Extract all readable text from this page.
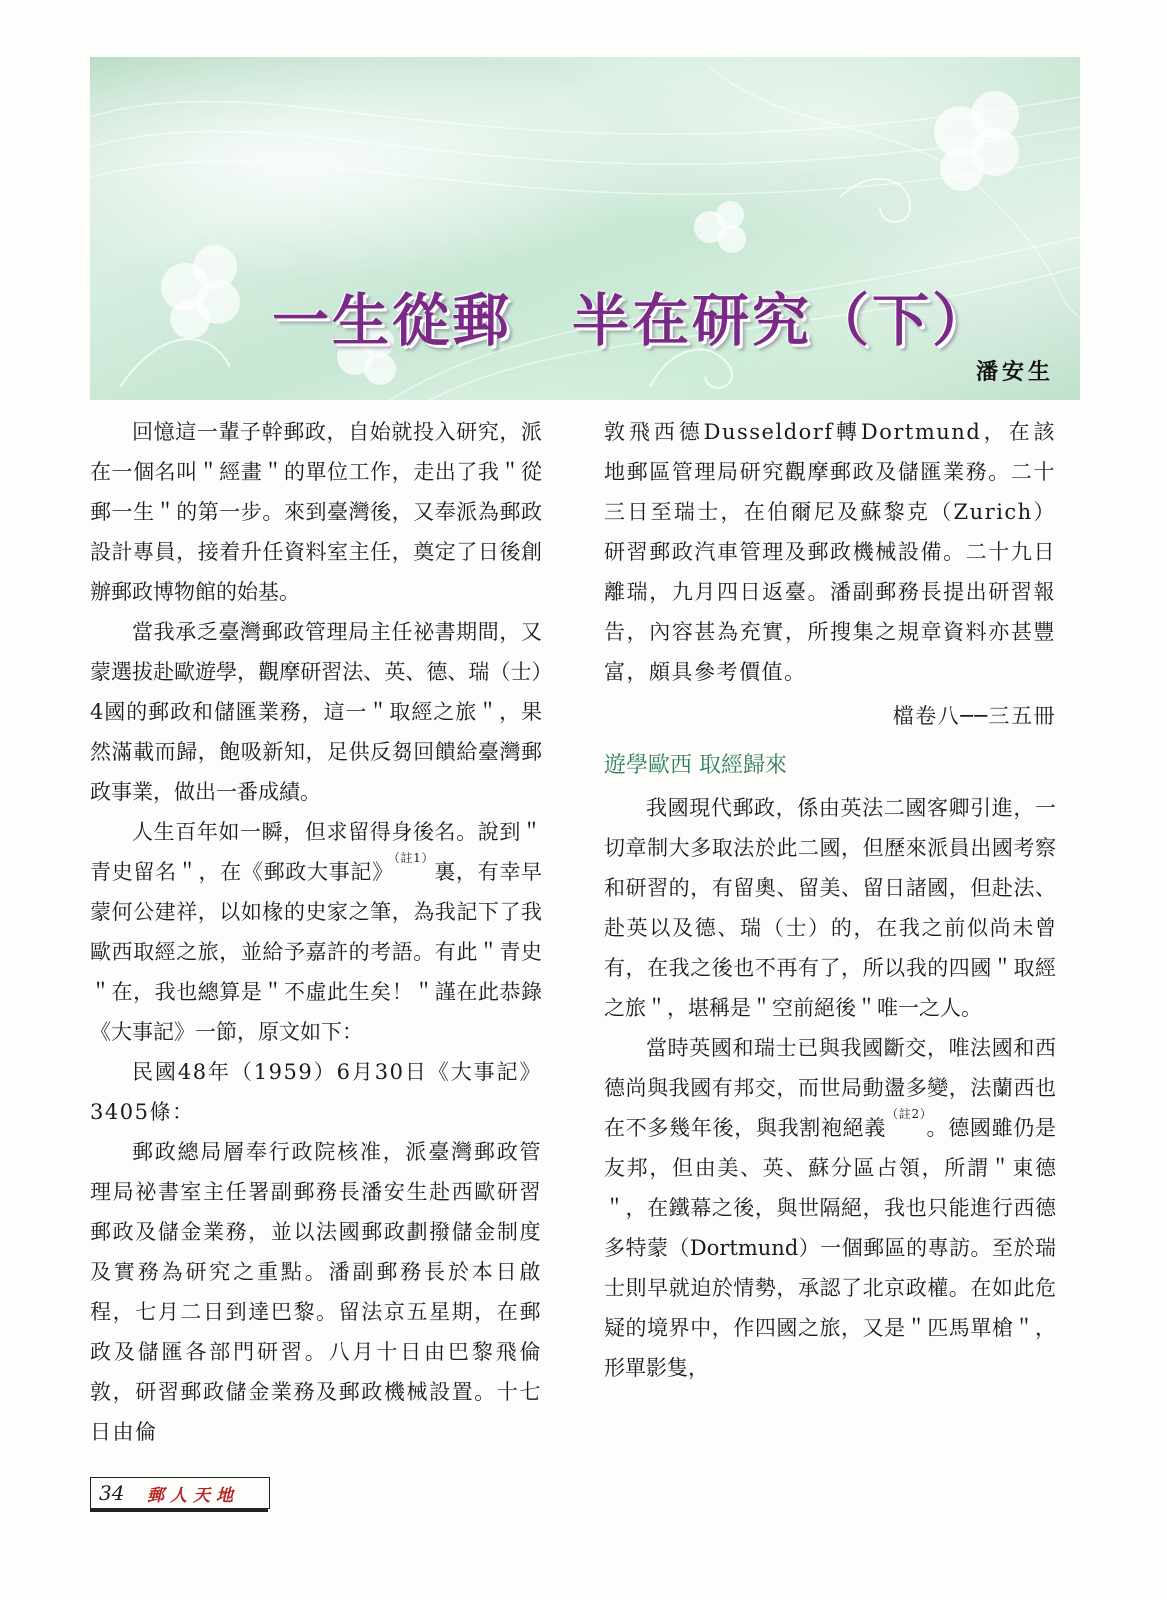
一生從郵　半在研究（下）
潘安生

回憶這一輩子幹郵政，自始就投入研究，派在一個名叫＂經畫＂的單位工作，走出了我＂從郵一生＂的第一步。來到臺灣後，又奉派為郵政設計專員，接着升任資料室主任，奠定了日後創辦郵政博物館的始基。

當我承乏臺灣郵政管理局主任祕書期間，又蒙選拔赴歐遊學，觀摩研習法、英、德、瑞（士）4國的郵政和儲匯業務，這一＂取經之旅＂，果然滿載而歸，飽吸新知，足供反芻回饋給臺灣郵政事業，做出一番成績。

人生百年如一瞬，但求留得身後名。說到＂青史留名＂，在《郵政大事記》$^{(註1)}$裏，有幸早蒙何公建祥，以如椽的史家之筆，為我記下了我歐西取經之旅，並給予嘉許的考語。有此＂青史＂在，我也總算是＂不虛此生矣！＂謹在此恭錄《大事記》一節，原文如下：

民國48年（1959）6月30日《大事記》3405條：

郵政總局層奉行政院核准，派臺灣郵政管理局祕書室主任署副郵務長潘安生赴西歐研習郵政及儲金業務，並以法國郵政劃撥儲金制度及實務為研究之重點。潘副郵務長於本日啟程，七月二日到達巴黎。留法京五星期，在郵政及儲匯各部門研習。八月十日由巴黎飛倫敦，研習郵政儲金業務及郵政機械設置。十七日由倫

敦飛西德Dusseldorf轉Dortmund，在該地郵區管理局研究觀摩郵政及儲匯業務。二十三日至瑞士，在伯爾尼及蘇黎克（Zurich）研習郵政汽車管理及郵政機械設備。二十九日離瑞，九月四日返臺。潘副郵務長提出研習報告，內容甚為充實，所搜集之規章資料亦甚豐富，頗具參考價值。

檔卷八──三五冊

遊學歐西 取經歸來

我國現代郵政，係由英法二國客卿引進，一切章制大多取法於此二國，但歷來派員出國考察和研習的，有留奧、留美、留日諸國，但赴法、赴英以及德、瑞（士）的，在我之前似尚未曾有，在我之後也不再有了，所以我的四國＂取經之旅＂，堪稱是＂空前絕後＂唯一之人。

當時英國和瑞士已與我國斷交，唯法國和西德尚與我國有邦交，而世局動盪多變，法蘭西也在不多幾年後，與我割袍絕義$^{(註2)}$。德國雖仍是友邦，但由美、英、蘇分區占領，所謂＂東德＂，在鐵幕之後，與世隔絕，我也只能進行西德多特蒙（Dortmund）一個郵區的專訪。至於瑞士則早就迫於情勢，承認了北京政權。在如此危疑的境界中，作四國之旅，又是＂匹馬單槍＂，形單影隻，

34	郵人天地
